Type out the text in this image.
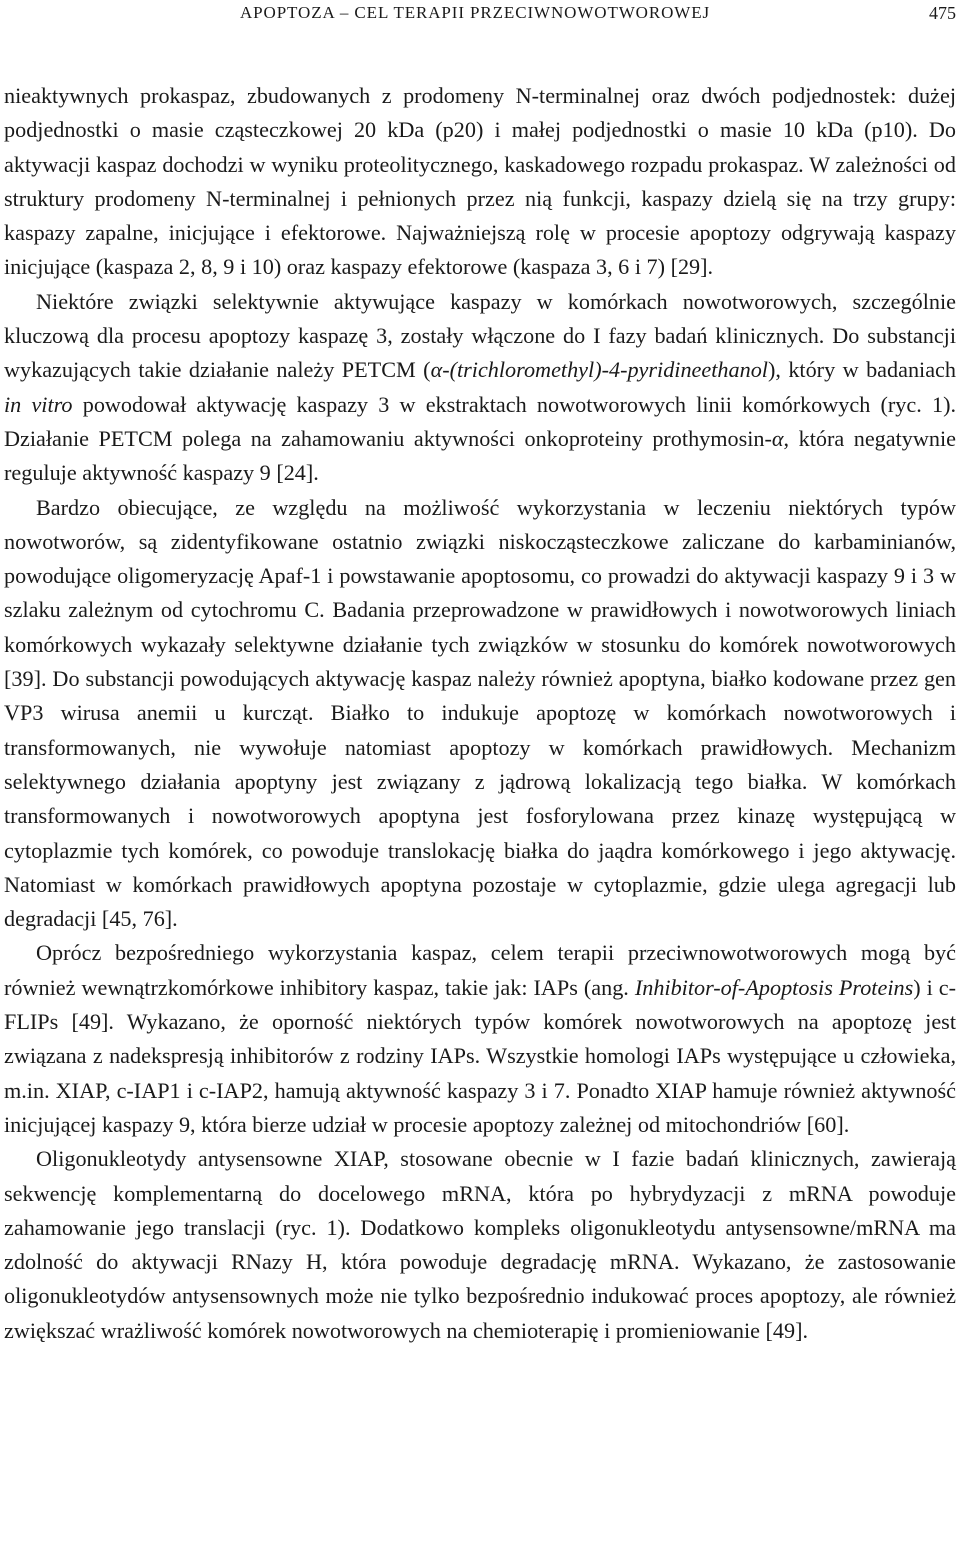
APOPTOZA – CEL TERAPII PRZECIWNOWOTWOROWEJ	475

nieaktywnych prokaspaz, zbudowanych z prodomeny N-terminalnej oraz dwóch podjednostek: dużej podjednostki o masie cząsteczkowej 20 kDa (p20) i małej podjednostki o masie 10 kDa (p10). Do aktywacji kaspaz dochodzi w wyniku proteolitycznego, kaskadowego rozpadu prokaspaz. W zależności od struktury prodomeny N-terminalnej i pełnionych przez nią funkcji, kaspazy dzielą się na trzy grupy: kaspazy zapalne, inicjujące i efektorowe. Najważniejszą rolę w procesie apoptozy odgrywają kaspazy inicjujące (kaspaza 2, 8, 9 i 10) oraz kaspazy efektorowe (kaspaza 3, 6 i 7) [29].

Niektóre związki selektywnie aktywujące kaspazy w komórkach nowotworowych, szczególnie kluczową dla procesu apoptozy kaspazę 3, zostały włączone do I fazy badań klinicznych. Do substancji wykazujących takie działanie należy PETCM (α-(trichloromethyl)-4-pyridineethanol), który w badaniach in vitro powodował aktywację kaspazy 3 w ekstraktach nowotworowych linii komórkowych (ryc. 1). Działanie PETCM polega na zahamowaniu aktywności onkoproteiny prothymosin-α, która negatywnie reguluje aktywność kaspazy 9 [24].

Bardzo obiecujące, ze względu na możliwość wykorzystania w leczeniu niektórych typów nowotworów, są zidentyfikowane ostatnio związki niskocząsteczkowe zaliczane do karbaminianów, powodujące oligomeryzację Apaf-1 i powstawanie apoptosomu, co prowadzi do aktywacji kaspazy 9 i 3 w szlaku zależnym od cytochromu C. Badania przeprowadzone w prawidłowych i nowotworowych liniach komórkowych wykazały selektywne działanie tych związków w stosunku do komórek nowotworowych [39]. Do substancji powodujących aktywację kaspaz należy również apoptyna, białko kodowane przez gen VP3 wirusa anemii u kurcząt. Białko to indukuje apoptozę w komórkach nowotworowych i transformowanych, nie wywołuje natomiast apoptozy w komórkach prawidłowych. Mechanizm selektywnego działania apoptyny jest związany z jądrową lokalizacją tego białka. W komórkach transformowanych i nowotworowych apoptyna jest fosforylowana przez kinazę występującą w cytoplazmie tych komórek, co powoduje translokację białka do jaądra komórkowego i jego aktywację. Natomiast w komórkach prawidłowych apoptyna pozostaje w cytoplazmie, gdzie ulega agregacji lub degradacji [45, 76].

Oprócz bezpośredniego wykorzystania kaspaz, celem terapii przeciwnowotworowych mogą być również wewnątrzkomórkowe inhibitory kaspaz, takie jak: IAPs (ang. Inhibitor-of-Apoptosis Proteins) i c-FLIPs [49]. Wykazano, że oporność niektórych typów komórek nowotworowych na apoptozę jest związana z nadekspresją inhibitorów z rodziny IAPs. Wszystkie homologi IAPs występujące u człowieka, m.in. XIAP, c-IAP1 i c-IAP2, hamują aktywność kaspazy 3 i 7. Ponadto XIAP hamuje również aktywność inicjującej kaspazy 9, która bierze udział w procesie apoptozy zależnej od mitochondriów [60].

Oligonukleotydy antysensowne XIAP, stosowane obecnie w I fazie badań klinicznych, zawierają sekwencję komplementarną do docelowego mRNA, która po hybrydyzacji z mRNA powoduje zahamowanie jego translacji (ryc. 1). Dodatkowo kompleks oligonukleotydu antysensowne/mRNA ma zdolność do aktywacji RNazy H, która powoduje degradację mRNA. Wykazano, że zastosowanie oligonukleotydów antysensownych może nie tylko bezpośrednio indukować proces apoptozy, ale również zwiększać wrażliwość komórek nowotworowych na chemioterapię i promieniowanie [49].
